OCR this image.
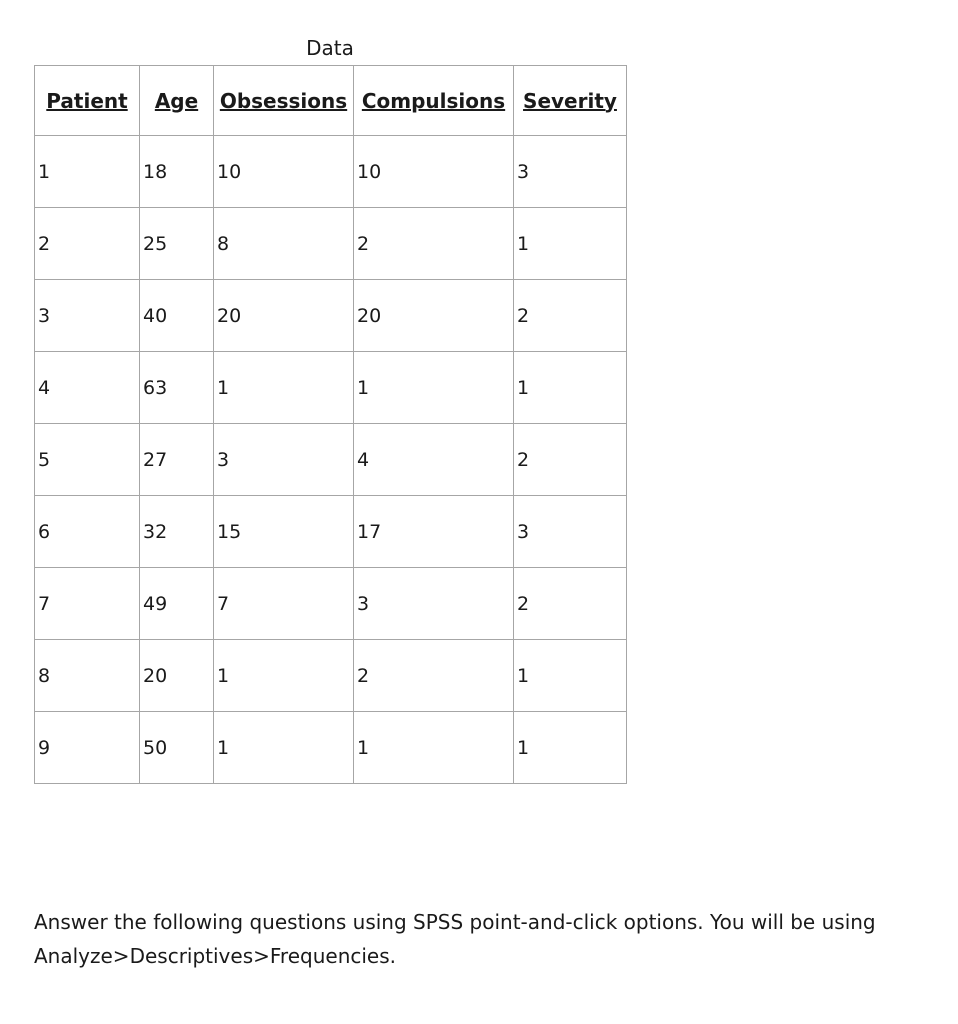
Data
Patient	Age	Obsessions	Compulsions	Severity
1	18	10	10	3
2	25	8	2	1
3	40	20	20	2
4	63	1	1	1
5	27	3	4	2
6	32	15	17	3
7	49	7	3	2
8	20	1	2	1
9	50	1	1	1
Answer the following questions using SPSS point-and-click options. You will be using Analyze>Descriptives>Frequencies.
